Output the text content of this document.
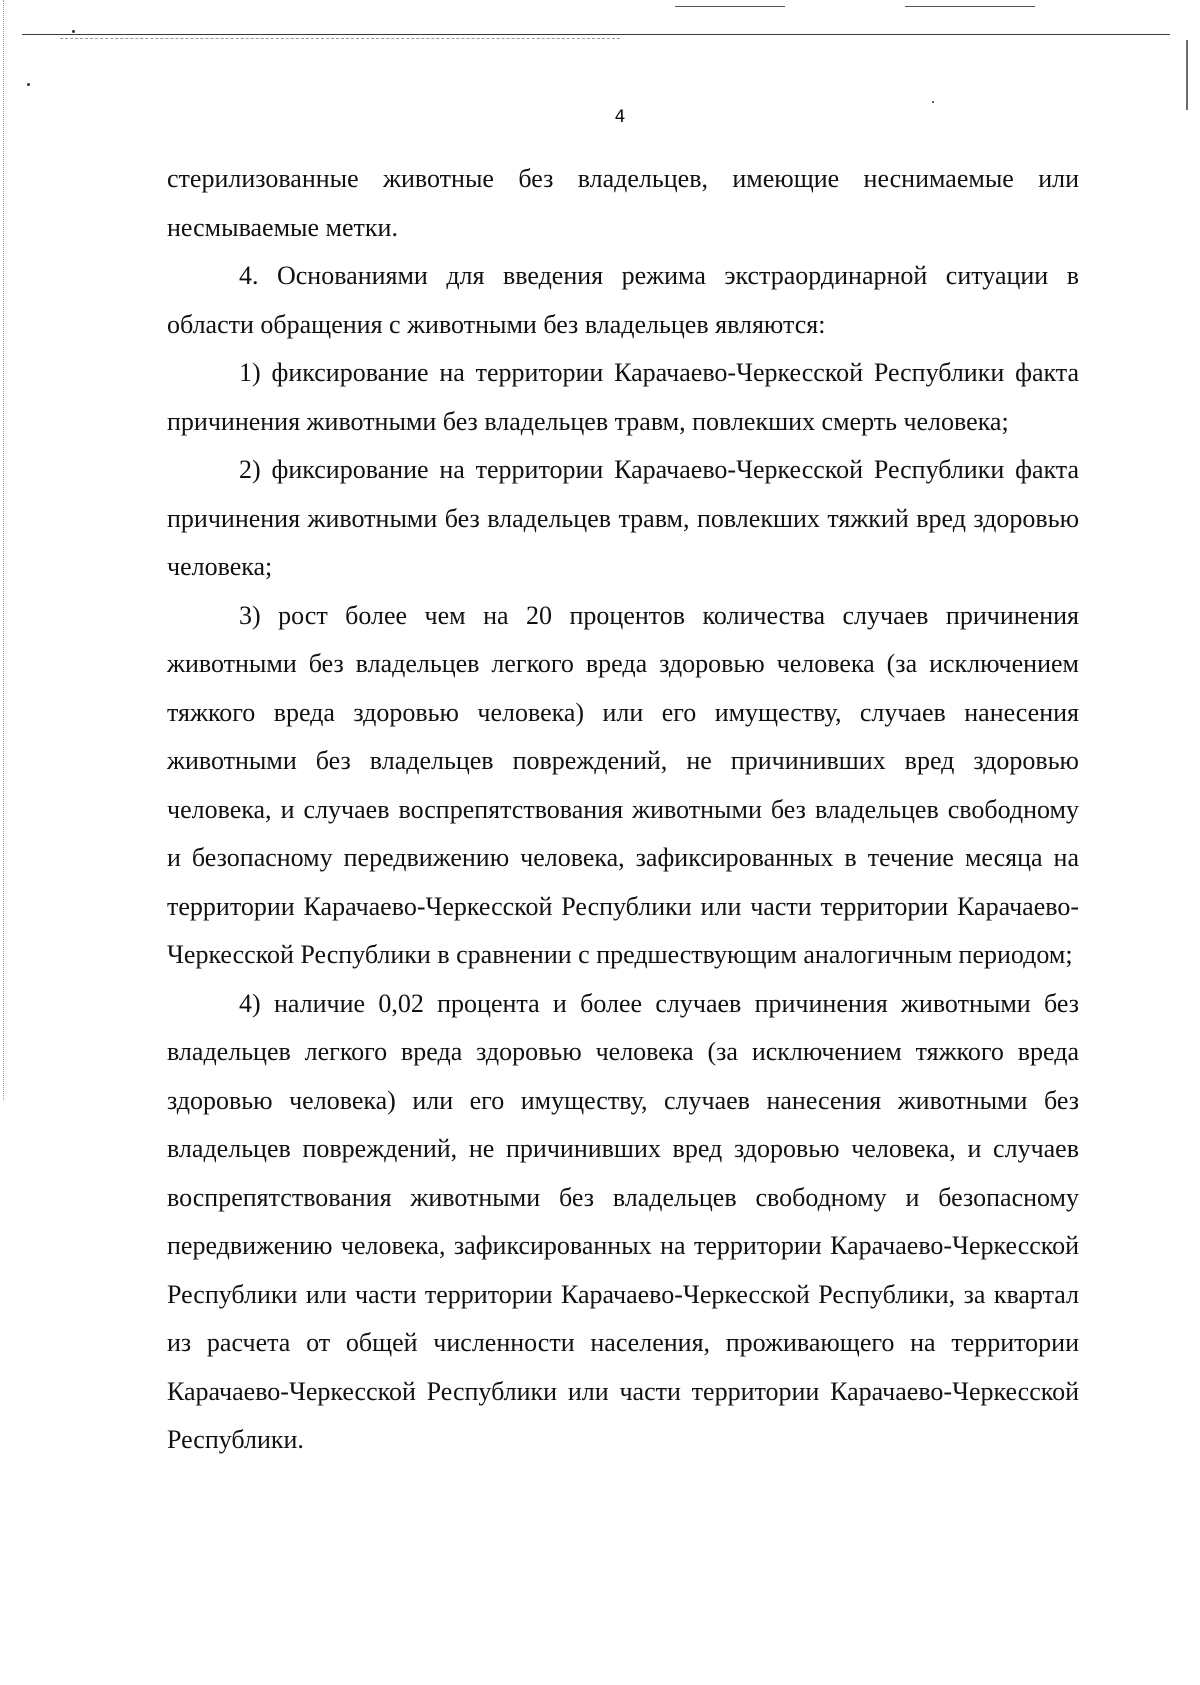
4

стерилизованные животные без владельцев, имеющие неснимаемые или несмываемые метки.

4. Основаниями для введения режима экстраординарной ситуации в области обращения с животными без владельцев являются:

1) фиксирование на территории Карачаево-Черкесской Республики факта причинения животными без владельцев травм, повлекших смерть человека;

2) фиксирование на территории Карачаево-Черкесской Республики факта причинения животными без владельцев травм, повлекших тяжкий вред здоровью человека;

3) рост более чем на 20 процентов количества случаев причинения животными без владельцев легкого вреда здоровью человека (за исключением тяжкого вреда здоровью человека) или его имуществу, случаев нанесения животными без владельцев повреждений, не причинивших вред здоровью человека, и случаев воспрепятствования животными без владельцев свободному и безопасному передвижению человека, зафиксированных в течение месяца на территории Карачаево-Черкесской Республики или части территории Карачаево-Черкесской Республики в сравнении с предшествующим аналогичным периодом;

4) наличие 0,02 процента и более случаев причинения животными без владельцев легкого вреда здоровью человека (за исключением тяжкого вреда здоровью человека) или его имуществу, случаев нанесения животными без владельцев повреждений, не причинивших вред здоровью человека, и случаев воспрепятствования животными без владельцев свободному и безопасному передвижению человека, зафиксированных на территории Карачаево-Черкесской Республики или части территории Карачаево-Черкесской Республики, за квартал из расчета от общей численности населения, проживающего на территории Карачаево-Черкесской Республики или части территории Карачаево-Черкесской Республики.
